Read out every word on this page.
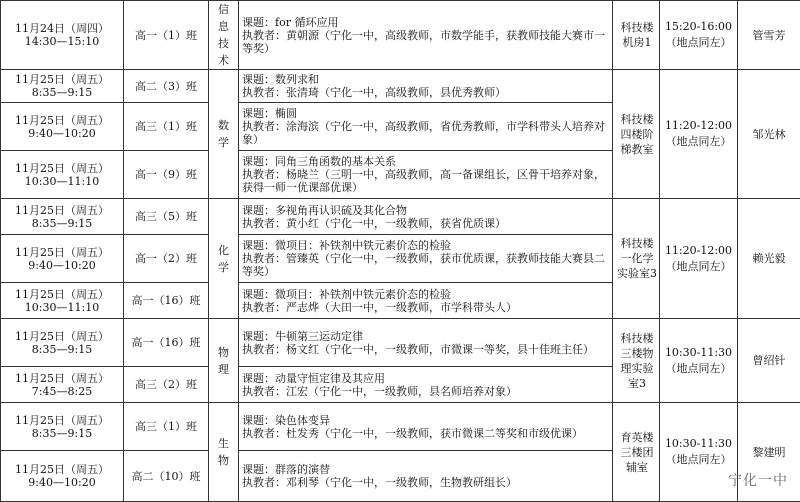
11月24日（周四）
14:30—15:10	高一（1）班	信息技术	课题：for 循环应用
执教者：黄朝源（宁化一中，高级教师，市数学能手，获教师技能大赛市一等奖）	科技楼机房1	15:20-16:00
（地点同左）	管雪芳
11月25日（周五）
8:35—9:15	高二（3）班	数学	课题：数列求和
执教者：张清琦（宁化一中，高级教师，县优秀教师）	科技楼四楼阶梯教室	11:20-12:00
（地点同左）	邹光林
11月25日（周五）
9:40—10:20	高三（1）班		课题：椭圆
执教者：涂海滨（宁化一中，高级教师，省优秀教师，市学科带头人培养对象）			
11月25日（周五）
10:30—11:10	高一（9）班		课题：同角三角函数的基本关系
执教者：杨晓兰（三明一中，高级教师，高一备课组长，区骨干培养对象，获得一师一优课部优课）			
11月25日（周五）
8:35—9:15	高三（5）班	化学	课题：多视角再认识硫及其化合物
执教者：黄小红（宁化一中，一级教师，获省优质课）	科技楼一化学实验室3	11:20-12:00
（地点同左）	赖光毅
11月25日（周五）
9:40—10:20	高一（2）班		课题：微项目：补铁剂中铁元素价态的检验
执教者：管臻英（宁化一中，一级教师，获市优质课，获教师技能大赛县二等奖）			
11月25日（周五）
10:30—11:10	高一（16）班		课题：微项目：补铁剂中铁元素价态的检验
执教者：严志烨（大田一中，一级教师，市学科带头人）			
11月25日（周五）
8:35—9:15	高一（16）班	物理	课题：牛顿第三运动定律
执教者：杨文红（宁化一中，一级教师，市微课一等奖，县十佳班主任）	科技楼三楼物理实验室3	10:30-11:30
（地点同左）	曾绍针
11月25日（周五）
7:45—8:25	高三（2）班		课题：动量守恒定律及其应用
执教者：江宏（宁化一中，一级教师，县名师培养对象）			
11月25日（周五）
8:35—9:15	高三（1）班	生物	课题：染色体变异
执教者：杜发秀（宁化一中，一级教师，获市微课二等奖和市级优课）	育英楼三楼团辅室	10:30-11:30
（地点同左）	黎建明
11月25日（周五）
9:40—10:20	高二（10）班		课题：群落的演替
执教者：邓利琴（宁化一中，一级教师，生物教研组长）				宁化一中
